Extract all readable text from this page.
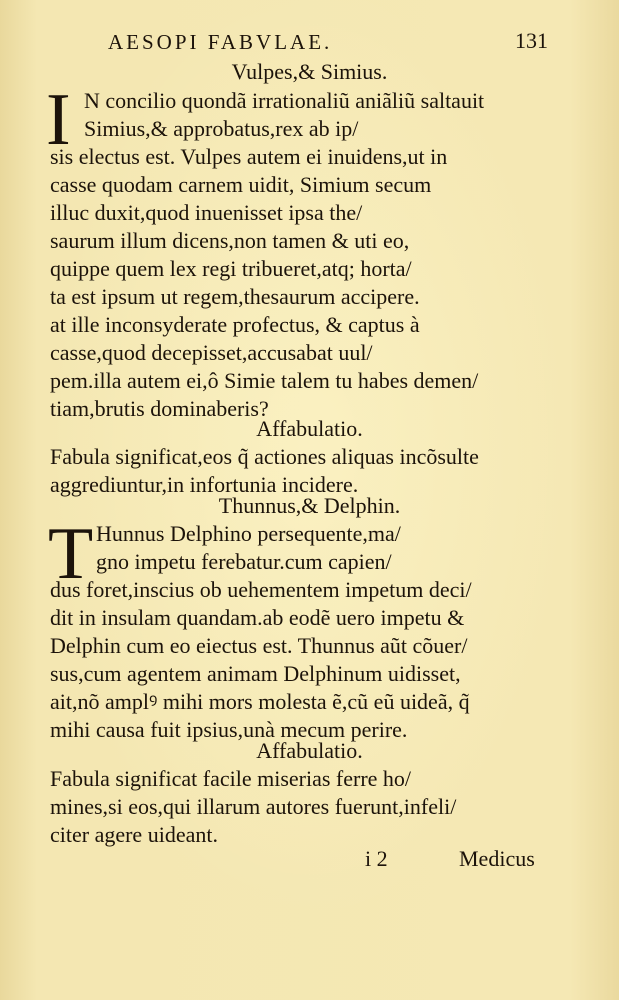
AESOPI FABVLAE.	131
Vulpes,& Simius.
I N concilio quondã irrationaliũ aniãliũ saltauit
Simius,& approbatus,rex ab ip/
sis electus est. Vulpes autem ei inuidens,ut in
casse quodam carnem uidit, Simium secum
illuc duxit,quod inuenisset ipsa the/
saurum illum dicens,non tamen & uti eo,
quippe quem lex regi tribueret,atq; horta/
ta est ipsum ut regem,thesaurum accipere.
at ille inconsyderate profectus, & captus à
casse,quod decepisset,accusabat uul/
pem.illa autem ei,ô Simie talem tu habes demen/
tiam,brutis dominaberis?
Affabulatio.
Fabula significat,eos q̃ actiones aliquas incõsulte
aggrediuntur,in infortunia incidere.
Thunnus,& Delphin.
T Hunnus Delphino persequente,ma/
gno impetu ferebatur.cum capien/
dus foret,inscius ob uehementem impetum deci/
dit in insulam quandam.ab eodẽ uero impetu &
Delphin cum eo eiectus est. Thunnus aũt cõuer/
sus,cum agentem animam Delphinum uidisset,
ait,nõ amplꝰ mihi mors molesta ẽ,cũ eũ uideã, q̃
mihi causa fuit ipsius,unà mecum perire.
Affabulatio.
Fabula significat facile miserias ferre ho/
mines,si eos,qui illarum autores fuerunt,infeli/
citer agere uideant.
i 2	Medicus
